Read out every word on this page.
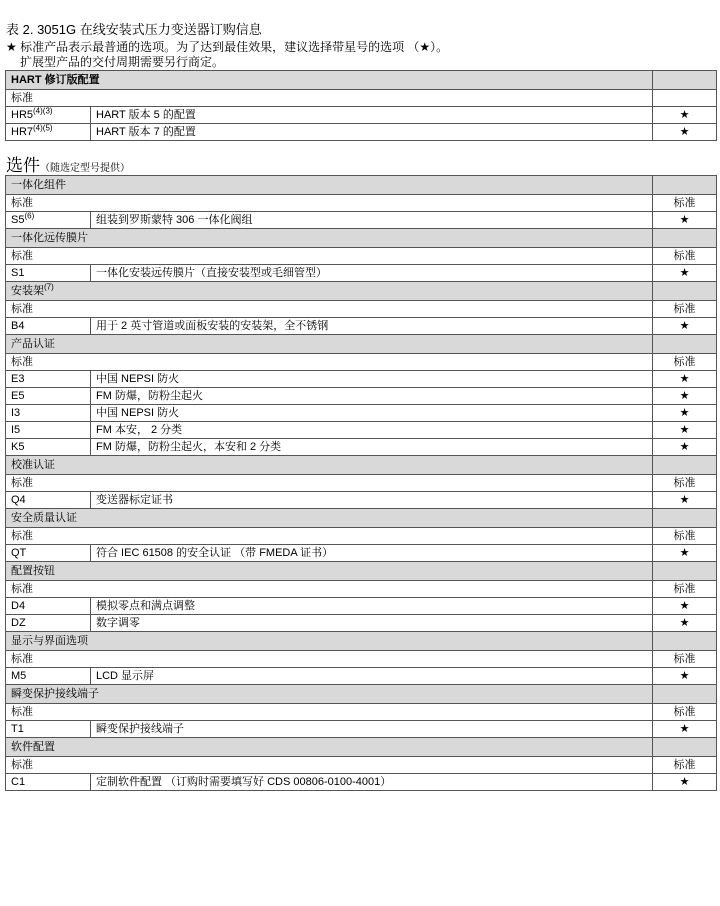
表 2. 3051G 在线安装式压力变送器订购信息
★ 标准产品表示最普通的选项。为了达到最佳效果，建议选择带星号的选项 （★）。
扩展型产品的交付周期需要另行商定。
HART 修订版配置		
标准		
$HR5^{(4)(3)}$	HART 版本 5 的配置	★
$HR7^{(4)(5)}$	HART 版本 7 的配置	★
选件（随选定型号提供）
一体化组件		
标准		标准
S5$^{(6)}$	组装到罗斯蒙特 306 一体化阀组	★
一体化远传膜片		
标准		标准
S1	一体化安装远传膜片（直接安装型或毛细管型）	★
安装架$^{(7)}$	
标准		标准
B4	用于 2 英寸管道或面板安装的安装架，全不锈钢	★
产品认证		
标准		标准
E3	中国 NEPSI 防火	★
E5	FM 防爆，防粉尘起火	★
I3	中国 NEPSI 防火	★
I5	FM 本安， 2 分类	★
K5	FM 防爆，防粉尘起火，本安和 2 分类	★
校准认证		
标准		标准
Q4	变送器标定证书	★
安全质量认证		
标准		标准
QT	符合 IEC 61508 的安全认证 （带 FMEDA 证书）	★
配置按钮		
标准		标准
D4	模拟零点和满点调整	★
DZ	数字调零	★
显示与界面选项		
标准		标准
M5	LCD 显示屏	★
瞬变保护接线端子		
标准		标准
T1	瞬变保护接线端子	★
软件配置		
标准		标准
C1	定制软件配置 （订购时需要填写好 CDS 00806-0100-4001）	★
